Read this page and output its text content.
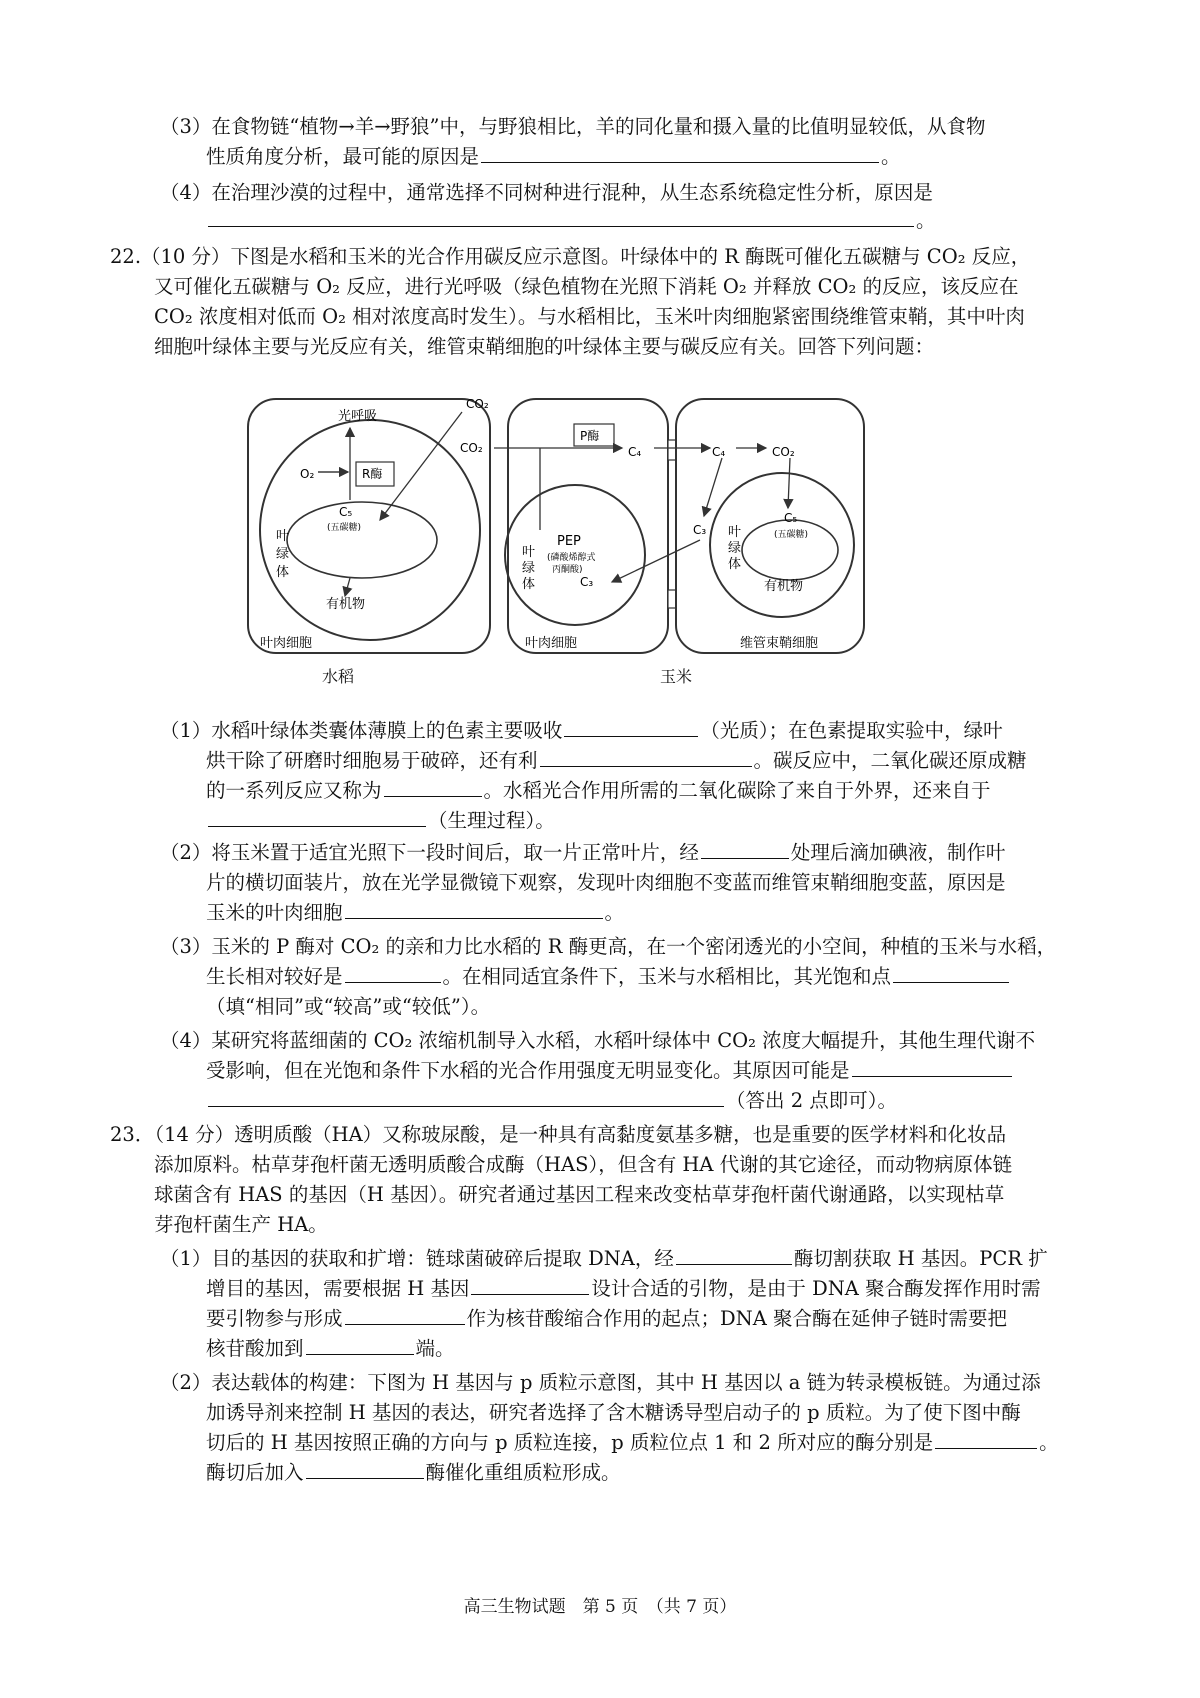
（3）在食物链“植物→羊→野狼”中，与野狼相比，羊的同化量和摄入量的比值明显较低，从食物
性质角度分析，最可能的原因是	。
（4）在治理沙漠的过程中，通常选择不同树种进行混种，从生态系统稳定性分析，原因是
。
22.（10 分）下图是水稻和玉米的光合作用碳反应示意图。叶绿体中的 R 酶既可催化五碳糖与 CO₂ 反应，
又可催化五碳糖与 O₂ 反应，进行光呼吸（绿色植物在光照下消耗 O₂ 并释放 CO₂ 的反应，该反应在
CO₂ 浓度相对低而 O₂ 相对浓度高时发生）。与水稻相比，玉米叶肉细胞紧密围绕维管束鞘，其中叶肉
细胞叶绿体主要与光反应有关，维管束鞘细胞的叶绿体主要与碳反应有关。回答下列问题：
光呼吸
O₂	R酶
C₅
(五碳糖)
叶
绿
体
有机物
叶肉细胞
CO₂
CO₂
P酶
C₄
PEP
(磷酸烯醇式
丙酮酸)
C₃
叶
绿
体
叶肉细胞
C₄	CO₂
C₃
C₅
(五碳糖)
叶
绿
体
有机物
维管束鞘细胞
水稻	玉米
（1）水稻叶绿体类囊体薄膜上的色素主要吸收	（光质）；在色素提取实验中，绿叶
烘干除了研磨时细胞易于破碎，还有利	。碳反应中，二氧化碳还原成糖
的一系列反应又称为	。水稻光合作用所需的二氧化碳除了来自于外界，还来自于
（生理过程）。
（2）将玉米置于适宜光照下一段时间后，取一片正常叶片，经	处理后滴加碘液，制作叶
片的横切面装片，放在光学显微镜下观察，发现叶肉细胞不变蓝而维管束鞘细胞变蓝，原因是
玉米的叶肉细胞	。
（3）玉米的 P 酶对 CO₂ 的亲和力比水稻的 R 酶更高，在一个密闭透光的小空间，种植的玉米与水稻，
生长相对较好是	。在相同适宜条件下，玉米与水稻相比，其光饱和点
（填“相同”或“较高”或“较低”）。
（4）某研究将蓝细菌的 CO₂ 浓缩机制导入水稻，水稻叶绿体中 CO₂ 浓度大幅提升，其他生理代谢不
受影响，但在光饱和条件下水稻的光合作用强度无明显变化。其原因可能是
（答出 2 点即可）。
23．（14 分）透明质酸（HA）又称玻尿酸，是一种具有高黏度氨基多糖，也是重要的医学材料和化妆品
添加原料。枯草芽孢杆菌无透明质酸合成酶（HAS），但含有 HA 代谢的其它途径，而动物病原体链
球菌含有 HAS 的基因（H 基因）。研究者通过基因工程来改变枯草芽孢杆菌代谢通路，以实现枯草
芽孢杆菌生产 HA。
（1）目的基因的获取和扩增：链球菌破碎后提取 DNA，经	酶切割获取 H 基因。PCR 扩
增目的基因，需要根据 H 基因	设计合适的引物，是由于 DNA 聚合酶发挥作用时需
要引物参与形成	作为核苷酸缩合作用的起点；DNA 聚合酶在延伸子链时需要把
核苷酸加到	端。
（2）表达载体的构建：下图为 H 基因与 p 质粒示意图，其中 H 基因以 a 链为转录模板链。为通过添
加诱导剂来控制 H 基因的表达，研究者选择了含木糖诱导型启动子的 p 质粒。为了使下图中酶
切后的 H 基因按照正确的方向与 p 质粒连接，p 质粒位点 1 和 2 所对应的酶分别是	。
酶切后加入	酶催化重组质粒形成。
高三生物试题　第 5 页　（共 7 页）
